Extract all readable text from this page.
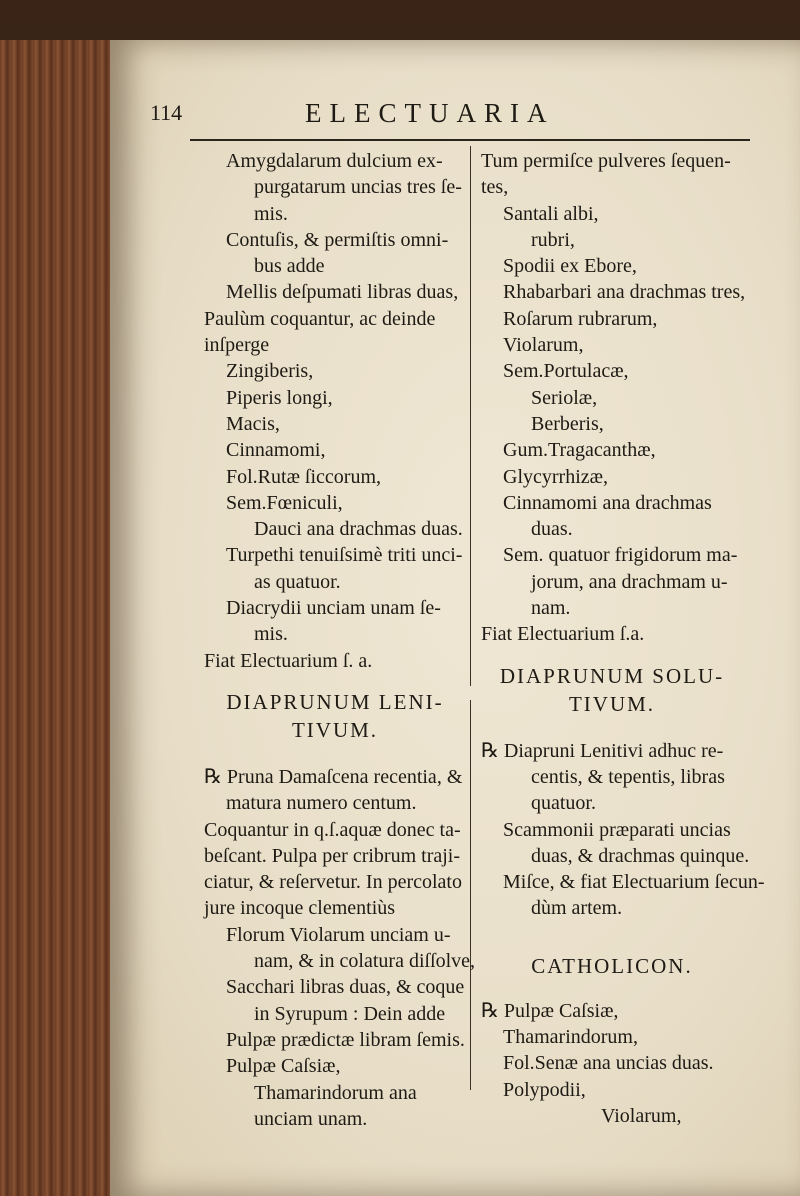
114	ELECTUARIA
Amygdalarum dulcium ex-
purgatarum uncias tres ſe-
mis.
Contuſis, & permiſtis omni-
bus adde
Mellis deſpumati libras duas,
Paulùm coquantur, ac deinde
inſperge
Zingiberis,
Piperis longi,
Macis,
Cinnamomi,
Fol.Rutæ ſiccorum,
Sem.Fœniculi,
Dauci ana drachmas duas.
Turpethi tenuiſsimè triti unci-
as quatuor.
Diacrydii unciam unam ſe-
mis.
Fiat Electuarium ſ. a.
DIAPRUNUM LENI-
TIVUM.
℞ Pruna Damaſcena recentia, &
matura numero centum.
Coquantur in q.ſ.aquæ donec ta-
beſcant. Pulpa per cribrum traji-
ciatur, & reſervetur. In percolato
jure incoque clementiùs
Florum Violarum unciam u-
nam, & in colatura diſſolve,
Sacchari libras duas, & coque
in Syrupum : Dein adde
Pulpæ prædictæ libram ſemis.
Pulpæ Caſsiæ,
Thamarindorum ana
unciam unam.
Tum permiſce pulveres ſequen-
tes,
Santali albi,
rubri,
Spodii ex Ebore,
Rhabarbari ana drachmas tres,
Roſarum rubrarum,
Violarum,
Sem.Portulacæ,
Seriolæ,
Berberis,
Gum.Tragacanthæ,
Glycyrrhizæ,
Cinnamomi ana drachmas
duas.
Sem. quatuor frigidorum ma-
jorum, ana drachmam u-
nam.
Fiat Electuarium ſ.a.
DIAPRUNUM SOLU-
TIVUM.
℞ Diapruni Lenitivi adhuc re-
centis, & tepentis, libras
quatuor.
Scammonii præparati uncias
duas, & drachmas quinque.
Miſce, & fiat Electuarium ſecun-
dùm artem.
CATHOLICON.
℞ Pulpæ Caſsiæ,
Thamarindorum,
Fol.Senæ ana uncias duas.
Polypodii,
Violarum,
